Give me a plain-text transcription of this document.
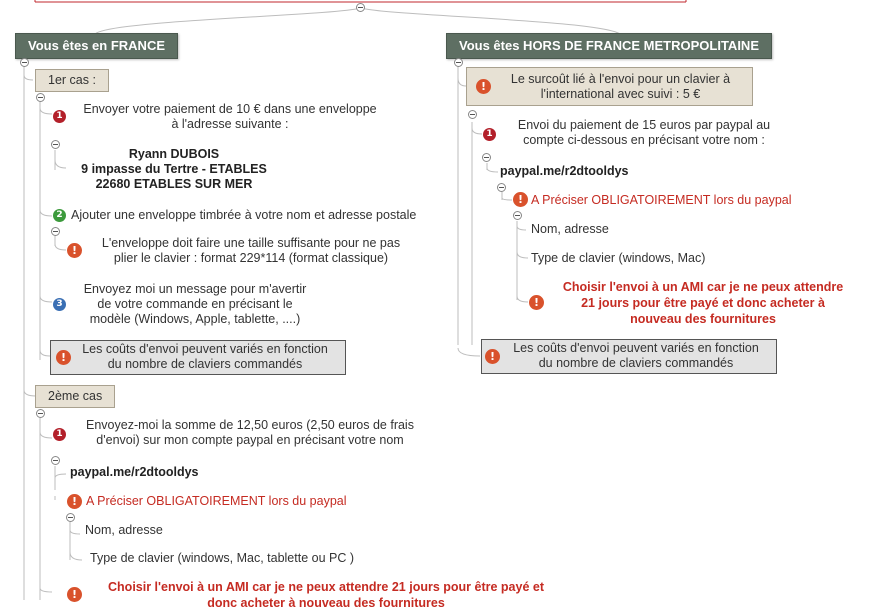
Vous êtes en FRANCE
1er cas :
1	Envoyer votre paiement de 10 € dans une enveloppe
à l'adresse suivante :
Ryann DUBOIS
9 impasse du Tertre - ETABLES
22680 ETABLES SUR MER
2 Ajouter une enveloppe timbrée à votre nom et adresse postale
!
L'enveloppe doit faire une taille suffisante pour ne pas
plier le clavier : format 229*114 (format classique)
3
Envoyez moi un message pour m'avertir
de votre commande en précisant le
modèle (Windows, Apple, tablette, ....)
!
Les coûts d'envoi peuvent variés en fonction
du nombre de claviers commandés
2ème cas
1
Envoyez-moi la somme de 12,50 euros (2,50 euros de frais
d'envoi) sur mon compte paypal en précisant votre nom
paypal.me/r2dtooldys
! A Préciser OBLIGATOIREMENT lors du paypal
Nom, adresse
Type de clavier (windows, Mac, tablette ou PC )
!
Choisir l'envoi à un AMI car je ne peux attendre 21 jours pour être payé et
donc acheter à nouveau des fournitures
Vous êtes HORS DE FRANCE METROPOLITAINE
!
Le surcoût lié à l'envoi pour un clavier à
l'international avec suivi : 5 €
1
Envoi du paiement de 15 euros par paypal au
compte ci-dessous en précisant votre nom :
paypal.me/r2dtooldys
! A Préciser OBLIGATOIREMENT lors du paypal
Nom, adresse
Type de clavier (windows, Mac)
!
Choisir l'envoi à un AMI car je ne peux attendre
21 jours pour être payé et donc acheter à
nouveau des fournitures
!
Les coûts d'envoi peuvent variés en fonction
du nombre de claviers commandés
